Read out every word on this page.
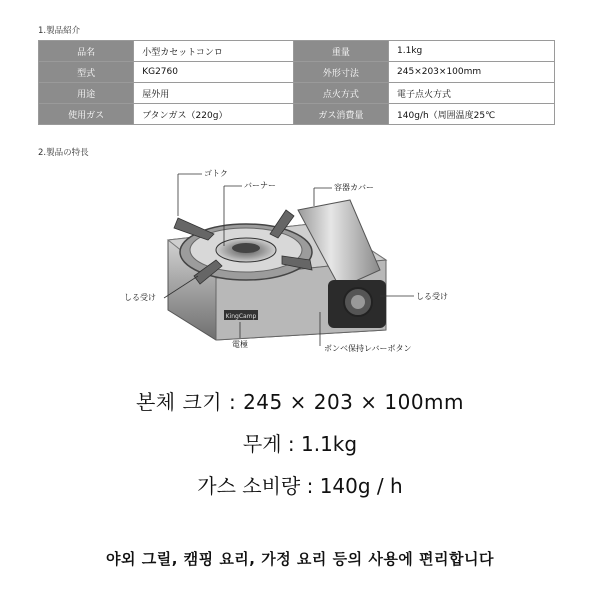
1.製品紹介
品名	小型カセットコンロ	重量	1.1kg
型式	KG2760	外形寸法	245×203×100mm
用途	屋外用	点火方式	電子点火方式
使用ガス	ブタンガス（220g）	ガス消費量	140g/h（周囲温度25℃
2.製品の特長
KingCamp
ゴトク
バーナー	容器カバー
しる受け	しる受け
電極	ボンベ保持レバーボタン
본체 크기 : 245 × 203 × 100mm
무게 : 1.1kg
가스 소비량 : 140g / h
야외 그릴, 캠핑 요리, 가정 요리 등의 사용에 편리합니다
